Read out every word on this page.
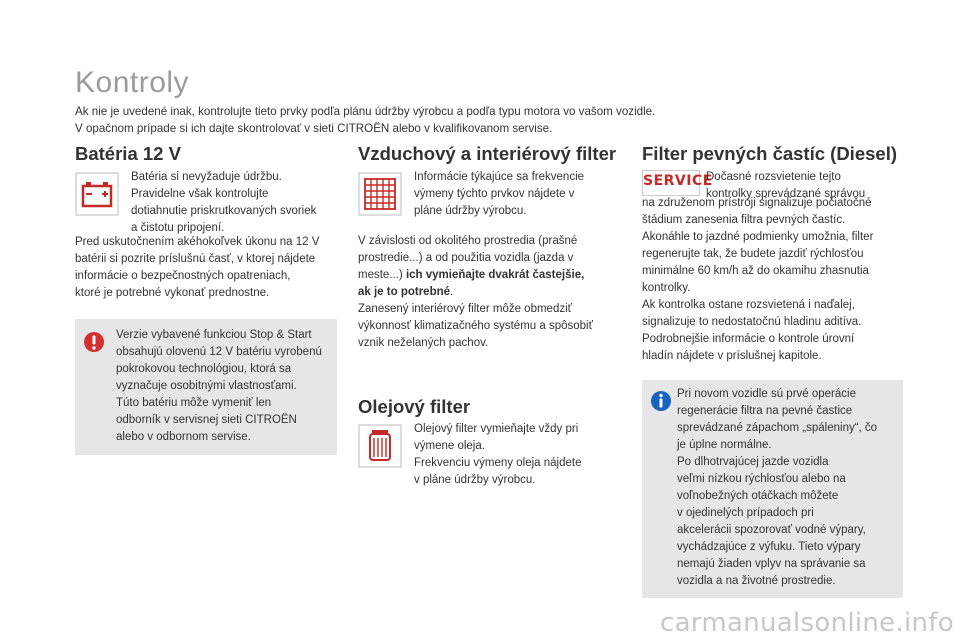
Kontroly
Ak nie je uvedené inak, kontrolujte tieto prvky podľa plánu údržby výrobcu a podľa typu motora vo vašom vozidle.
V opačnom prípade si ich dajte skontrolovať v sieti CITROËN alebo v kvalifikovanom servise.
Batéria 12 V

Batéria si nevyžaduje údržbu.

Pravidelne však kontrolujte

dotiahnutie priskrutkovaných svoriek

a čistotu pripojení.

Pred uskutočnením akéhokoľvek úkonu na 12 V

batérii si pozrite príslušnú časť, v ktorej nájdete

informácie o bezpečnostných opatreniach,

ktoré je potrebné vykonať prednostne.

Verzie vybavené funkciou Stop & Start

obsahujú olovenú 12 V batériu vyrobenú

pokrokovou technológiou, ktorá sa

vyznačuje osobitnými vlastnosťami.

Túto batériu môže vymeniť len

odborník v servisnej sieti CITROËN

alebo v odbornom servise.

Vzduchový a interiérový filter

Informácie týkajúce sa frekvencie

výmeny týchto prvkov nájdete v

pláne údržby výrobcu.

V závislosti od okolitého prostredia (prašné

prostredie...) a od použitia vozidla (jazda v

meste...) ich vymieňajte dvakrát častejšie,

ak je to potrebné.

Zanesený interiérový filter môže obmedziť

výkonnosť klimatizačného systému a spôsobiť

vznik neželaných pachov.

Olejový filter

Olejový filter vymieňajte vždy pri

výmene oleja.

Frekvenciu výmeny oleja nájdete

v pláne údržby výrobcu.

Filter pevných častíc (Diesel)
SERVICE

Dočasné rozsvietenie tejto

kontrolky sprevádzané správou

na združenom prístroji signalizuje počiatočné

štádium zanesenia filtra pevných častíc.

Akonáhle to jazdné podmienky umožnia, filter

regenerujte tak, že budete jazdiť rýchlosťou

minimálne 60 km/h až do okamihu zhasnutia

kontrolky.

Ak kontrolka ostane rozsvietená i naďalej,

signalizuje to nedostatočnú hladinu aditíva.

Podrobnejšie informácie o kontrole úrovní

hladín nájdete v príslušnej kapitole.

Pri novom vozidle sú prvé operácie

regenerácie filtra na pevné častice

sprevádzané zápachom „spáleniny“, čo

je úplne normálne.

Po dlhotrvajúcej jazde vozidla

veľmi nízkou rýchlosťou alebo na

voľnobežných otáčkach môžete

v ojedinelých prípadoch pri

akcelerácii spozorovať vodné výpary,

vychádzajúce z výfuku. Tieto výpary

nemajú žiaden vplyv na správanie sa

vozidla a na životné prostredie.

carmanualsonline.info
